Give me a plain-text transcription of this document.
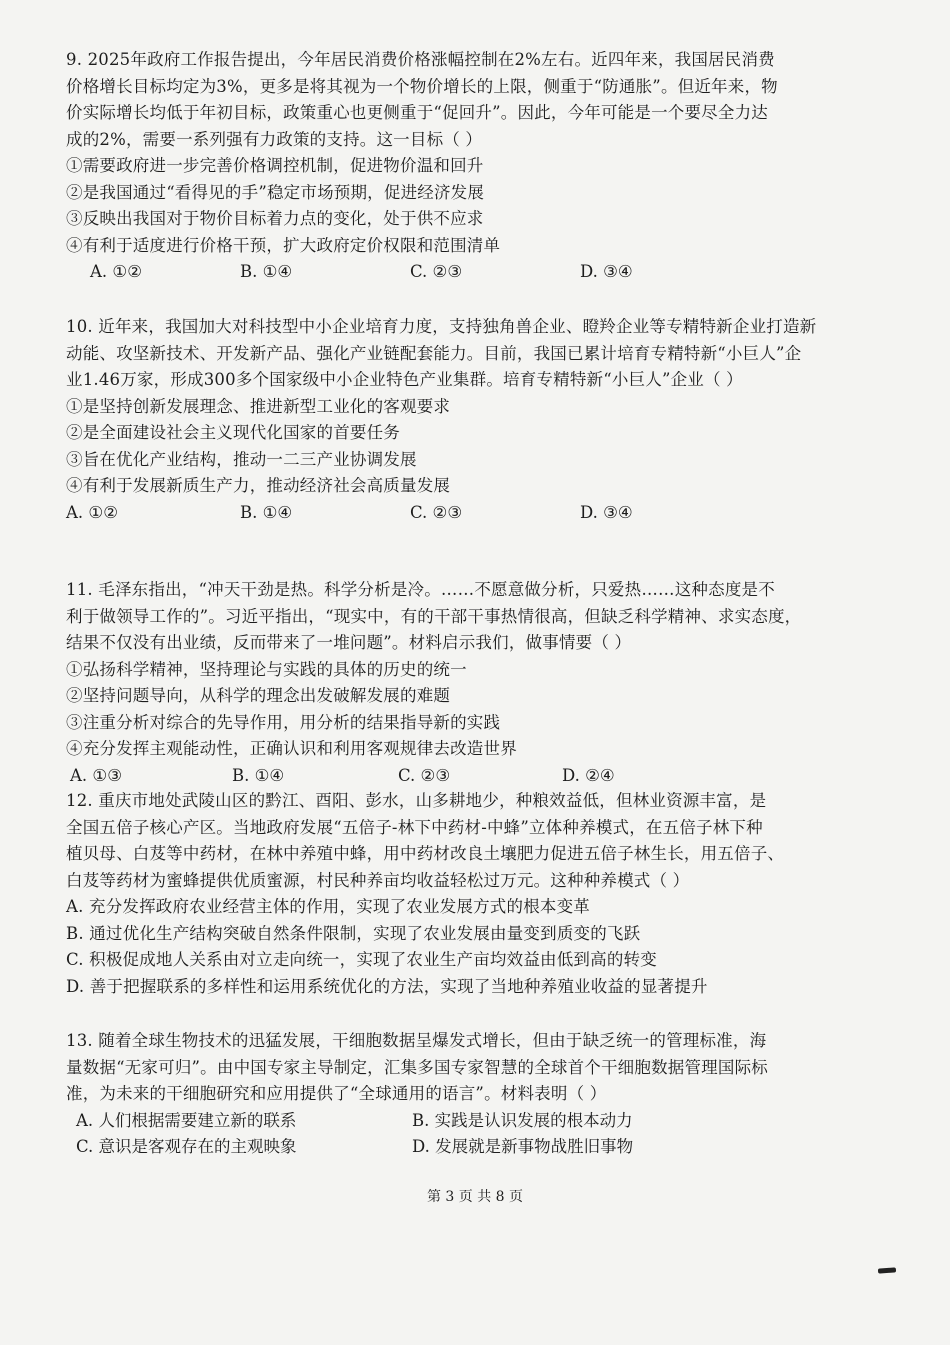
9. 2025年政府工作报告提出，今年居民消费价格涨幅控制在2%左右。近四年来，我国居民消费
价格增长目标均定为3%，更多是将其视为一个物价增长的上限，侧重于“防通胀”。但近年来，物
价实际增长均低于年初目标，政策重心也更侧重于“促回升”。因此，今年可能是一个要尽全力达
成的2%，需要一系列强有力政策的支持。这一目标（ ）
①需要政府进一步完善价格调控机制，促进物价温和回升
②是我国通过“看得见的手”稳定市场预期，促进经济发展
③反映出我国对于物价目标着力点的变化，处于供不应求
④有利于适度进行价格干预，扩大政府定价权限和范围清单
A. ①②	B. ①④	C. ②③	D. ③④
10. 近年来，我国加大对科技型中小企业培育力度，支持独角兽企业、瞪羚企业等专精特新企业打造新
动能、攻坚新技术、开发新产品、强化产业链配套能力。目前，我国已累计培育专精特新“小巨人”企
业1.46万家，形成300多个国家级中小企业特色产业集群。培育专精特新“小巨人”企业（ ）
①是坚持创新发展理念、推进新型工业化的客观要求
②是全面建设社会主义现代化国家的首要任务
③旨在优化产业结构，推动一二三产业协调发展
④有利于发展新质生产力，推动经济社会高质量发展
A. ①②	B. ①④	C. ②③	D. ③④
11. 毛泽东指出，“冲天干劲是热。科学分析是冷。……不愿意做分析，只爱热……这种态度是不
利于做领导工作的”。习近平指出，“现实中，有的干部干事热情很高，但缺乏科学精神、求实态度，
结果不仅没有出业绩，反而带来了一堆问题”。材料启示我们，做事情要（ ）
①弘扬科学精神，坚持理论与实践的具体的历史的统一
②坚持问题导向，从科学的理念出发破解发展的难题
③注重分析对综合的先导作用，用分析的结果指导新的实践
④充分发挥主观能动性，正确认识和利用客观规律去改造世界
A. ①③	B. ①④	C. ②③	D. ②④
12. 重庆市地处武陵山区的黔江、酉阳、彭水，山多耕地少，种粮效益低，但林业资源丰富，是
全国五倍子核心产区。当地政府发展“五倍子-林下中药材-中蜂”立体种养模式，在五倍子林下种
植贝母、白芨等中药材，在林中养殖中蜂，用中药材改良土壤肥力促进五倍子林生长，用五倍子、
白芨等药材为蜜蜂提供优质蜜源，村民种养亩均收益轻松过万元。这种种养模式（ ）
A. 充分发挥政府农业经营主体的作用，实现了农业发展方式的根本变革
B. 通过优化生产结构突破自然条件限制，实现了农业发展由量变到质变的飞跃
C. 积极促成地人关系由对立走向统一，实现了农业生产亩均效益由低到高的转变
D. 善于把握联系的多样性和运用系统优化的方法，实现了当地种养殖业收益的显著提升
13. 随着全球生物技术的迅猛发展，干细胞数据呈爆发式增长，但由于缺乏统一的管理标准，海
量数据“无家可归”。由中国专家主导制定，汇集多国专家智慧的全球首个干细胞数据管理国际标
准，为未来的干细胞研究和应用提供了“全球通用的语言”。材料表明（ ）
A. 人们根据需要建立新的联系	B. 实践是认识发展的根本动力
C. 意识是客观存在的主观映象	D. 发展就是新事物战胜旧事物
第 3 页 共 8 页
